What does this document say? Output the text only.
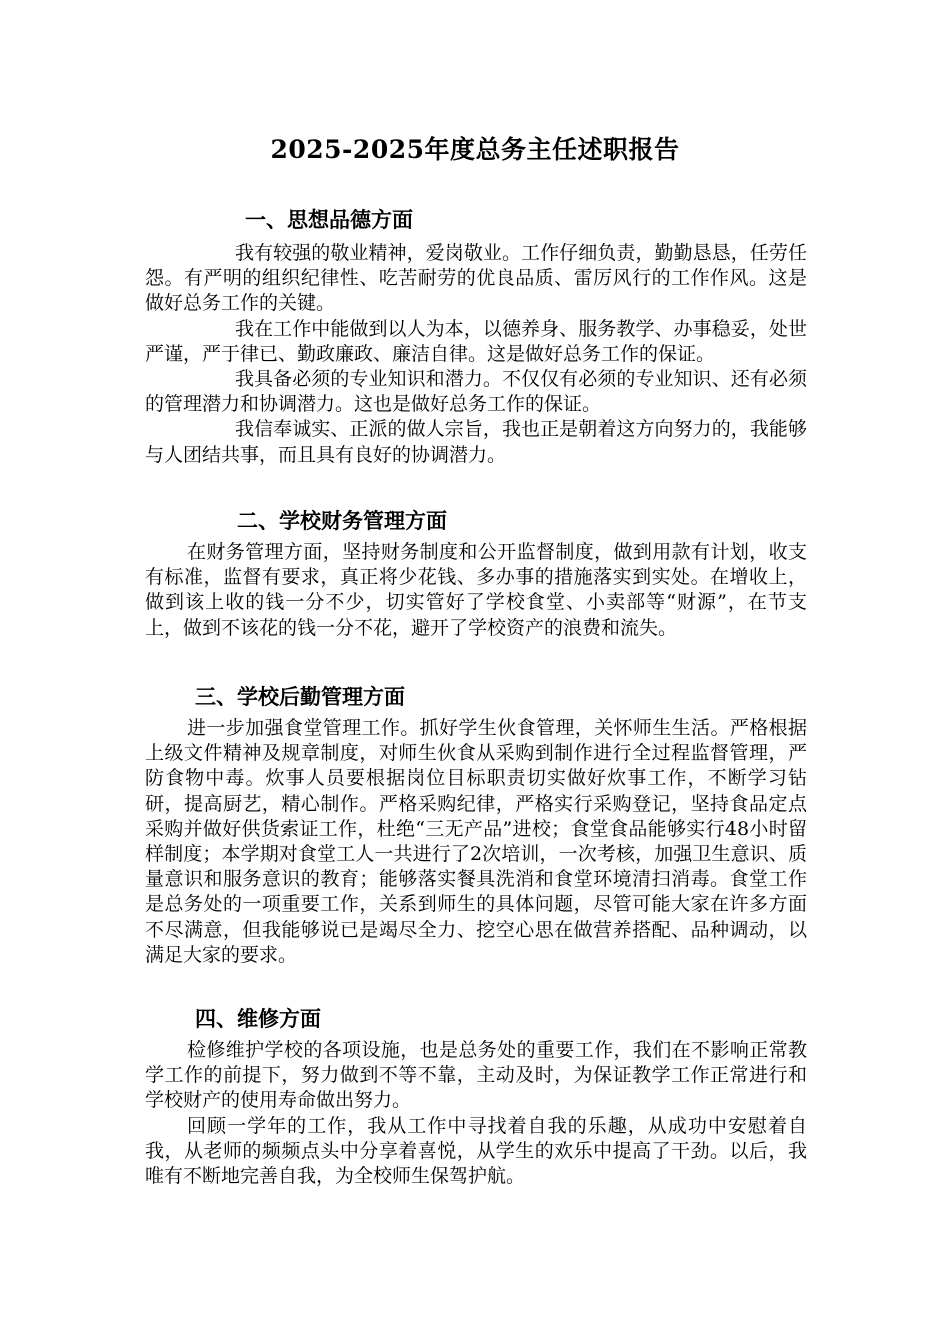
2025-2025年度总务主任述职报告
一、思想品德方面

我有较强的敬业精神，爱岗敬业。工作仔细负责，勤勤恳恳，任劳任怨。有严明的组织纪律性、吃苦耐劳的优良品质、雷厉风行的工作作风。这是做好总务工作的关键。

我在工作中能做到以人为本，以德养身、服务教学、办事稳妥，处世严谨，严于律已、勤政廉政、廉洁自律。这是做好总务工作的保证。

我具备必须的专业知识和潜力。不仅仅有必须的专业知识、还有必须的管理潜力和协调潜力。这也是做好总务工作的保证。

我信奉诚实、正派的做人宗旨，我也正是朝着这方向努力的，我能够与人团结共事，而且具有良好的协调潜力。

二、学校财务管理方面

在财务管理方面，坚持财务制度和公开监督制度，做到用款有计划，收支有标准，监督有要求，真正将少花钱、多办事的措施落实到实处。在增收上，做到该上收的钱一分不少，切实管好了学校食堂、小卖部等“财源”，在节支上，做到不该花的钱一分不花，避开了学校资产的浪费和流失。

三、学校后勤管理方面

进一步加强食堂管理工作。抓好学生伙食管理，关怀师生生活。严格根据上级文件精神及规章制度，对师生伙食从采购到制作进行全过程监督管理，严防食物中毒。炊事人员要根据岗位目标职责切实做好炊事工作，不断学习钻研，提高厨艺，精心制作。严格采购纪律，严格实行采购登记，坚持食品定点采购并做好供货索证工作，杜绝“三无产品”进校；食堂食品能够实行48小时留样制度；本学期对食堂工人一共进行了2次培训，一次考核，加强卫生意识、质量意识和服务意识的教育；能够落实餐具洗消和食堂环境清扫消毒。食堂工作是总务处的一项重要工作，关系到师生的具体问题，尽管可能大家在许多方面不尽满意，但我能够说已是竭尽全力、挖空心思在做营养搭配、品种调动，以满足大家的要求。

四、维修方面

检修维护学校的各项设施，也是总务处的重要工作，我们在不影响正常教学工作的前提下，努力做到不等不靠，主动及时，为保证教学工作正常进行和学校财产的使用寿命做出努力。

回顾一学年的工作，我从工作中寻找着自我的乐趣，从成功中安慰着自我，从老师的频频点头中分享着喜悦，从学生的欢乐中提高了干劲。以后，我唯有不断地完善自我，为全校师生保驾护航。
